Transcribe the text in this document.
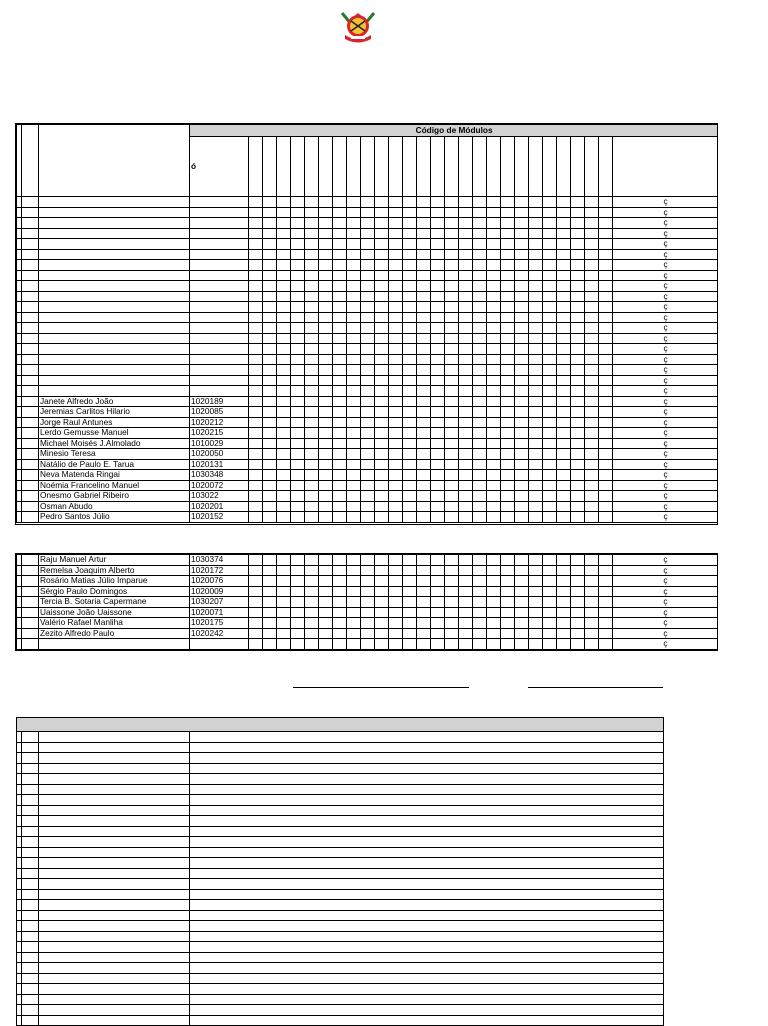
			Código de Módulos																											
			ó																											
																														ç
																														ç
																														ç
																														ç
																														ç
																														ç
																														ç
																														ç
																														ç
																														ç
																														ç
																														ç
																														ç
																														ç
																														ç
																														ç
																														ç
																														ç
																														ç
		Janete Alfredo João	1020189																											ç
		Jeremias Carlitos Hilario	1020085																											ç
		Jorge Raul Antunes	1020212																											ç
		Lerdo Gemusse Manuel	1020215																											ç
		Michael Moisés J.Almolado	1010029																											ç
		Minesio Teresa	1020050																											ç
		Natálio de Paulo E. Tarua	1020131																											ç
		Neva Matenda Ringai	1030348																											ç
		Noémia Francelino Manuel	1020072																											ç
		Onesmo Gabriel Ribeiro	103022																											ç
		Osman Abudo	1020201																											ç
		Pedro Santos Júlio	1020152																											ç
		Raju Manuel Artur	1030374																											ç
		Remelsa Joaquim Alberto	1020172																											ç
		Rosário Matias Júlio Imparue	1020076																											ç
		Sérgio Paulo Domingos	1020009																											ç
		Tercia B. Sotaria Capermane	1030207																											ç
		Uaissone João Uaissone	1020071																											ç
		Valério Rafael Manliha	1020175																											ç
		Zezito Alfredo Paulo	1020242																											ç
																														ç
